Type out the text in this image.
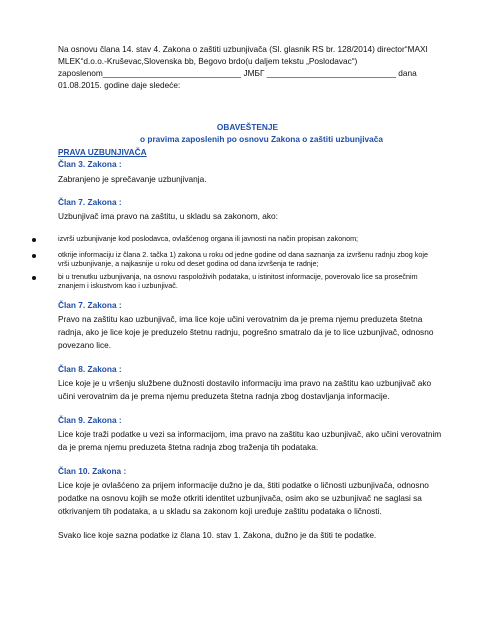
Na osnovu člana 14. stav 4. Zakona o zaštiti uzbunjivača (Sl. glasnik RS br. 128/2014) director“MAXI
MLEK“d.o.o.-Kruševac,Slovenska bb, Begovo brdo(u daljem tekstu „Poslodavac“)
zaposlenom______________________________ ЈМБГ ____________________________ dana
01.08.2015. godine daje sledeće:
OBAVEŠTENJE
o pravima zaposlenih po osnovu Zakona o zaštiti uzbunjivača
PRAVA UZBUNJIVAČA
Član 3. Zakona :
Zabranjeno je sprečavanje uzbunjivanja.
Član 7. Zakona :
Uzbunjivač ima pravo na zaštitu, u skladu sa zakonom, ako:
izvrši uzbunjivanje kod poslodavca, ovlašćenog organa ili javnosti na način propisan zakonom;
otkrije informaciju iz člana 2. tačka 1) zakona u roku od jedne godine od dana saznanja za izvršenu radnju zbog koje
vrši uzbunjivanje, a najkasnije u roku od deset godina od dana izvršenja te radnje;
bi u trenutku uzbunjivanja, na osnovu raspoloživih podataka, u istinitost informacije, poverovalo lice sa prosečnim
znanjem i iskustvom kao i uzbunjivač.
Član 7. Zakona :
Pravo na zaštitu kao uzbunjivač, ima lice koje učini verovatnim da je prema njemu preduzeta štetna
radnja, ako je lice koje je preduzelo štetnu radnju, pogrešno smatralo da je to lice uzbunjivač, odnosno
povezano lice.
Član 8. Zakona :
Lice koje je u vršenju službene dužnosti dostavilo informaciju ima pravo na zaštitu kao uzbunjivač ako
učini verovatnim da je prema njemu preduzeta štetna radnja zbog dostavljanja informacije.
Član 9. Zakona :
Lice koje traži podatke u vezi sa informacijom, ima pravo na zaštitu kao uzbunjivač, ako učini verovatnim
da je prema njemu preduzeta štetna radnja zbog traženja tih podataka.
Član 10. Zakona :
Lice koje je ovlašćeno za prijem informacije dužno je da, štiti podatke o ličnosti uzbunjivača, odnosno
podatke na osnovu kojih se može otkriti identitet uzbunjivača, osim ako se uzbunjivač ne saglasi sa
otkrivanjem tih podataka, a u skladu sa zakonom koji uređuje zaštitu podataka o ličnosti.
Svako lice koje sazna podatke iz člana 10. stav 1. Zakona, dužno je da štiti te podatke.
